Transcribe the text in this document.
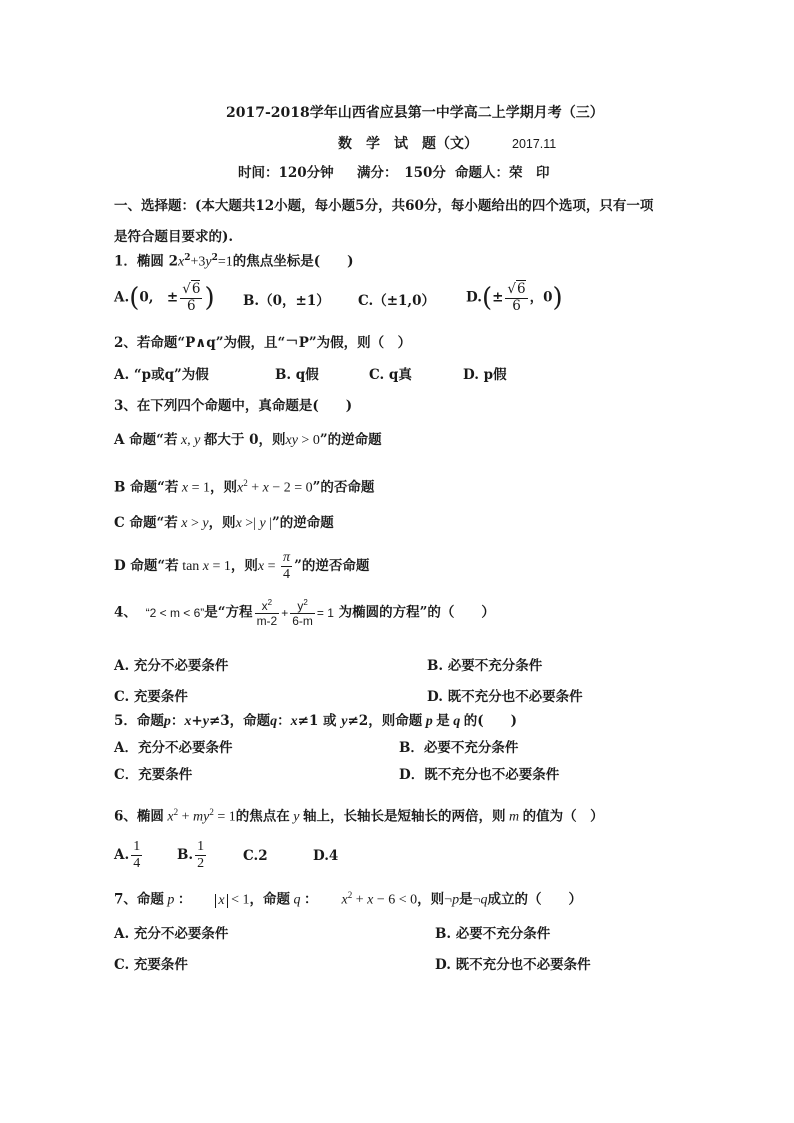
2017-2018学年山西省应县第一中学高二上学期月考（三）
数　学　试　题（文）	2017.11
时间：120分钟 满分：　150分 命题人：荣　印
一、选择题：(本大题共12小题，每小题5分，共60分，每小题给出的四个选项，只有一项
是符合题目要求的).
1．椭圆 $2x^2+3y^2=1$的焦点坐标是(　　)
A.(0,　± $\frac{√6}{6}$ ) B.（0，±1） C.（±1,0） $D.(\pm \frac{√6}{6}$ ，0)
2、若命题“P∧q”为假，且“￢P”为假，则（　）
A. “p或q”为假	B. q假	C. q真	D. p假
3、在下列四个命题中，真命题是(　　)
A 命题“若 x, y 都大于 0，则xy > 0”的逆命题
B 命题“若 x = 1，则$x^2 + x - 2 = 0$”的否命题
C 命题“若 x > y，则x >| y |”的逆命题
D 命题“若 tan x = 1，则$x = \frac{\pi}{4}$ ”的逆否命题
4、 “2 < m < 6”是“方程 $\frac{x^2}{m-2} + \frac{y^2}{6-m} = 1$ 为椭圆的方程”的（　　）
A. 充分不必要条件	B. 必要不充分条件
C. 充要条件	D. 既不充分也不必要条件
5．命题p：x+y≠3，命题q：x≠1 或 y≠2，则命题 p 是 q 的(　　)
A．充分不必要条件	B．必要不充分条件
C．充要条件	D．既不充分也不必要条件
6、椭圆 $x^2 + my^2 = 1$的焦点在 y 轴上，长轴长是短轴长的两倍，则 m 的值为（　）
A. $\frac{1}{4}$	B. $\frac{1}{2}$	C.2	D.4
7、命题 p ： x < 1，命题 q ： $x^2 + x - 6 < 0$，则¬p是¬q成立的（　　）
A. 充分不必要条件	B. 必要不充分条件
C. 充要条件	D. 既不充分也不必要条件
